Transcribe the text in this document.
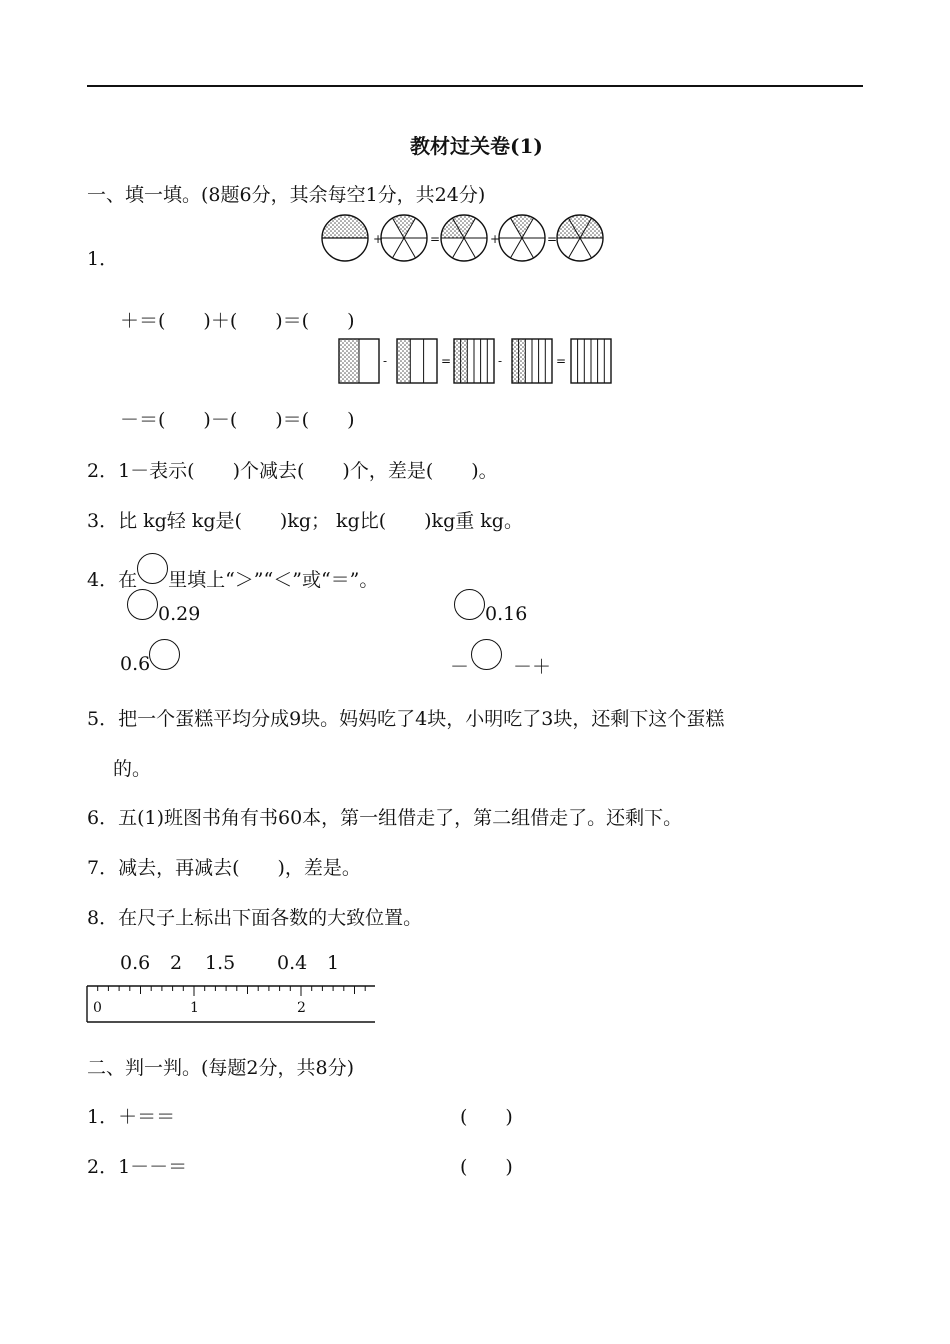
教材过关卷(1)
一、填一填。(8题6分，其余每空1分，共24分)
1．
+	=	+	=
-	=	-	=
＋＝(　　)＋(　　)＝(　　)
－＝(　　)－(　　)＝(　　)
2．1－表示(　　)个减去(　　)个，差是(　　)。
3．比 kg轻 kg是(　　)kg； kg比(　　)kg重 kg。
4．在 里填上“＞”“＜”或“＝”。
0.29	0.16
0.6	－ －＋
5．把一个蛋糕平均分成9块。妈妈吃了4块，小明吃了3块，还剩下这个蛋糕
的。
6．五(1)班图书角有书60本，第一组借走了，第二组借走了。还剩下。
7．减去，再减去(　　)，差是。
8．在尺子上标出下面各数的大致位置。
0.6 2 1.5 0.4 1
0	1	2
二、判一判。(每题2分，共8分)
1．＋＝＝	(　　)
2．1－－＝	(　　)
